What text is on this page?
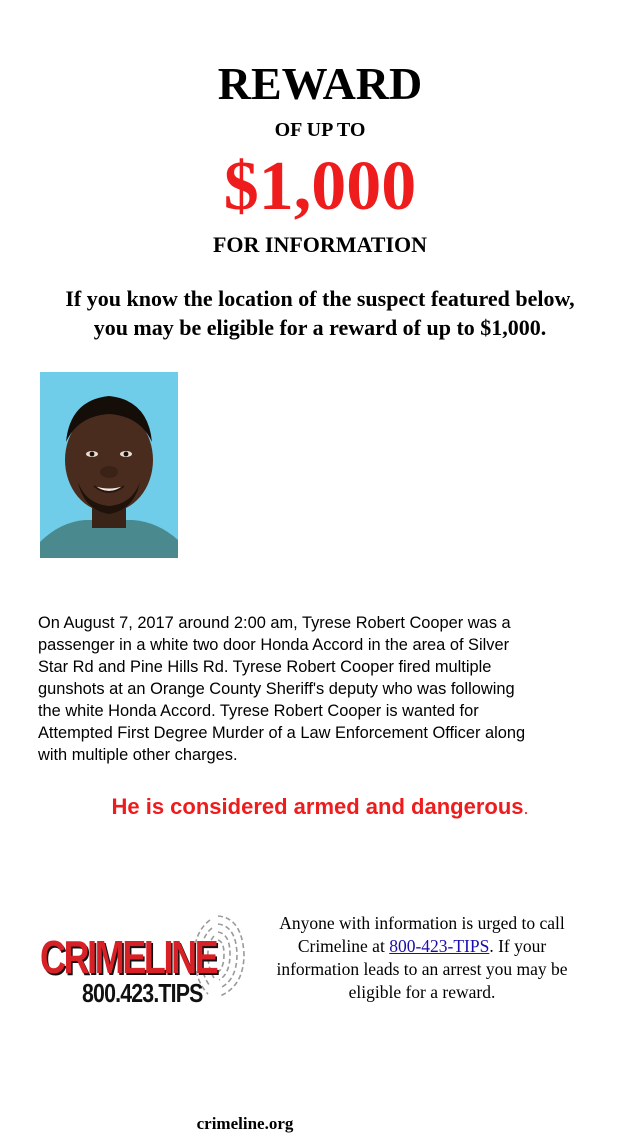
REWARD
OF UP TO
$1,000
FOR INFORMATION
If you know the location of the suspect featured below, you may be eligible for a reward of up to $1,000.
On August 7, 2017 around 2:00 am, Tyrese Robert Cooper was a
passenger in a white two door Honda Accord in the area of Silver
Star Rd and Pine Hills Rd. Tyrese Robert Cooper fired multiple
gunshots at an Orange County Sheriff's deputy who was following
the white Honda Accord. Tyrese Robert Cooper is wanted for
Attempted First Degree Murder of a Law Enforcement Officer along
with multiple other charges.
He is considered armed and dangerous.
CRIMELINE
800.423.TIPS
Anyone with information is urged to call Crimeline at 800-423-TIPS. If your information leads to an arrest you may be eligible for a reward.
crimeline.org
